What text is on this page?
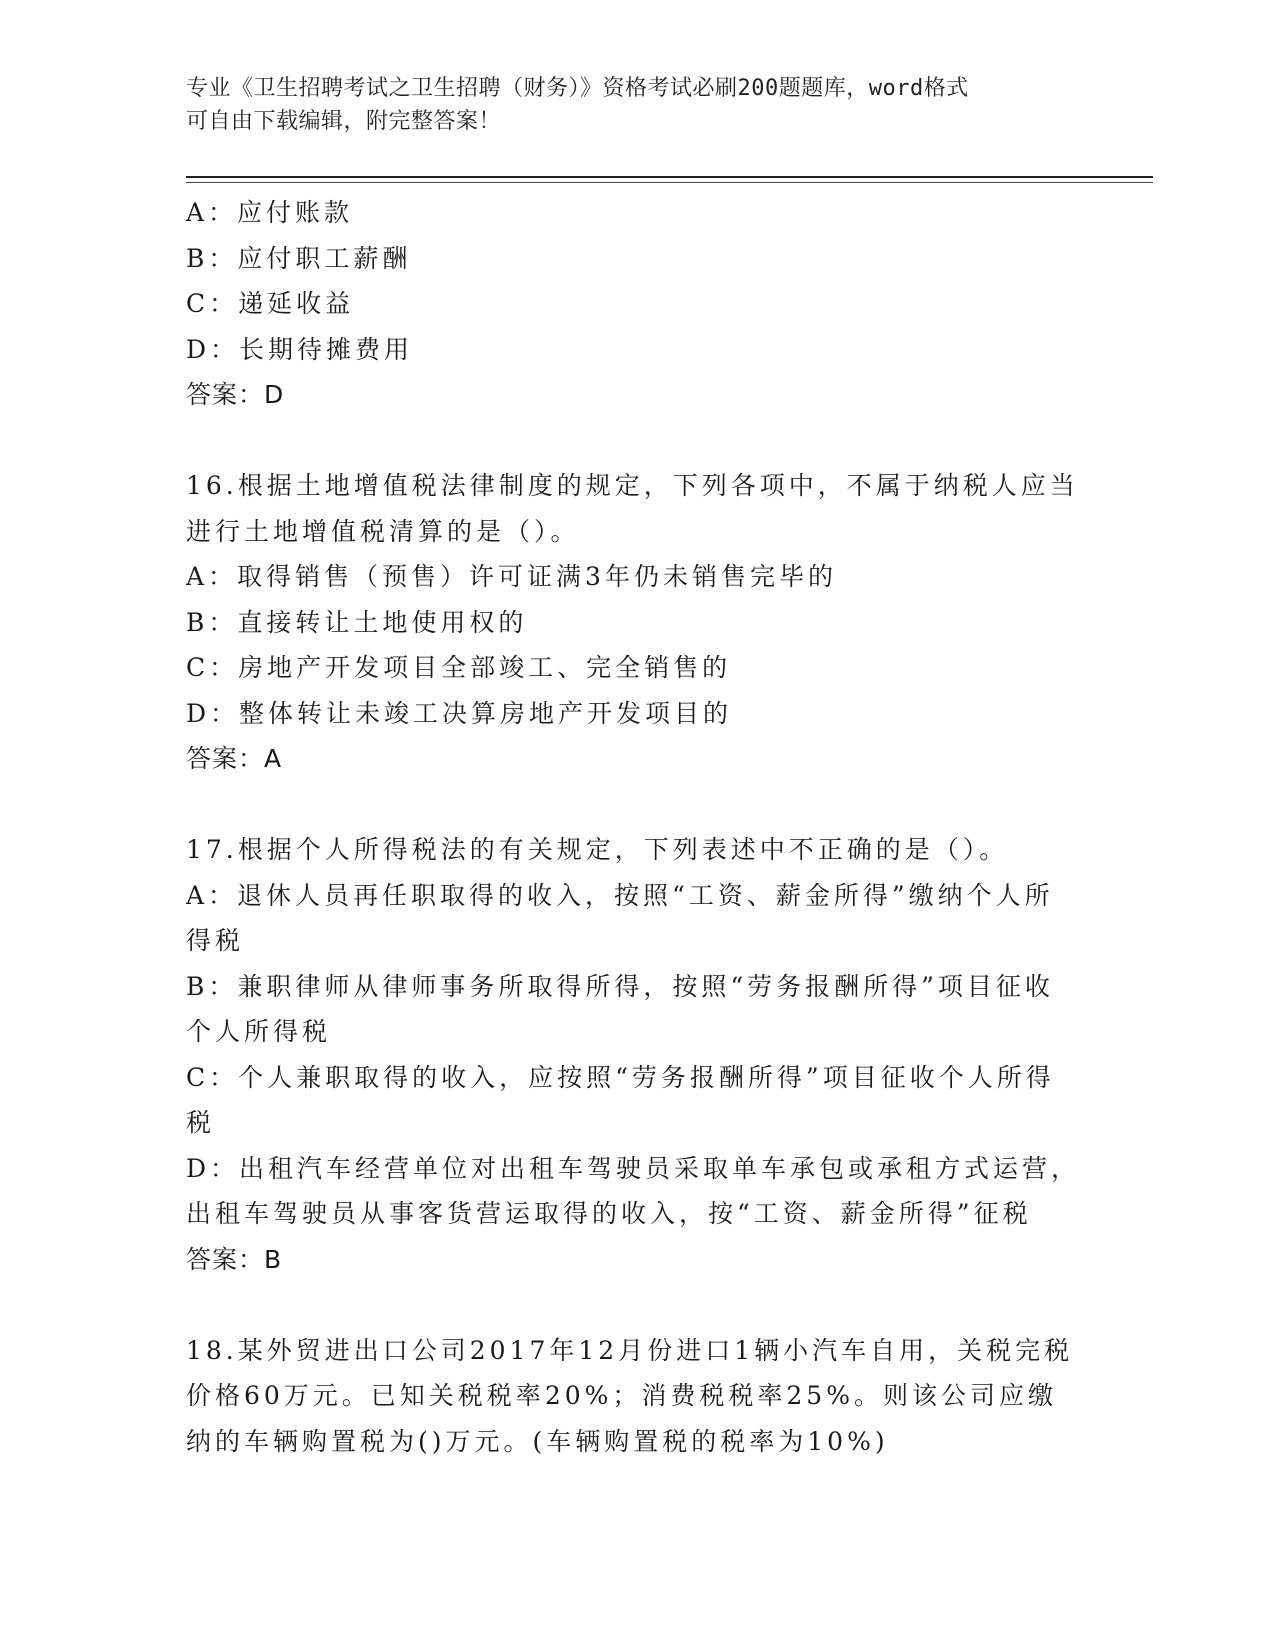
专业《卫生招聘考试之卫生招聘（财务）》资格考试必刷200题题库，word格式
可自由下载编辑，附完整答案！
A：应付账款
B：应付职工薪酬
C：递延收益
D：长期待摊费用
答案：D
16.根据土地增值税法律制度的规定，下列各项中，不属于纳税人应当
进行土地增值税清算的是（）。
A：取得销售（预售）许可证满3年仍未销售完毕的
B：直接转让土地使用权的
C：房地产开发项目全部竣工、完全销售的
D：整体转让未竣工决算房地产开发项目的
答案：A
17.根据个人所得税法的有关规定，下列表述中不正确的是（）。
A：退休人员再任职取得的收入，按照“工资、薪金所得”缴纳个人所
得税
B：兼职律师从律师事务所取得所得，按照“劳务报酬所得”项目征收
个人所得税
C：个人兼职取得的收入，应按照“劳务报酬所得”项目征收个人所得
税
D：出租汽车经营单位对出租车驾驶员采取单车承包或承租方式运营，
出租车驾驶员从事客货营运取得的收入，按“工资、薪金所得”征税
答案：B
18.某外贸进出口公司2017年12月份进口1辆小汽车自用，关税完税
价格60万元。已知关税税率20%；消费税税率25%。则该公司应缴
纳的车辆购置税为()万元。(车辆购置税的税率为10%)
